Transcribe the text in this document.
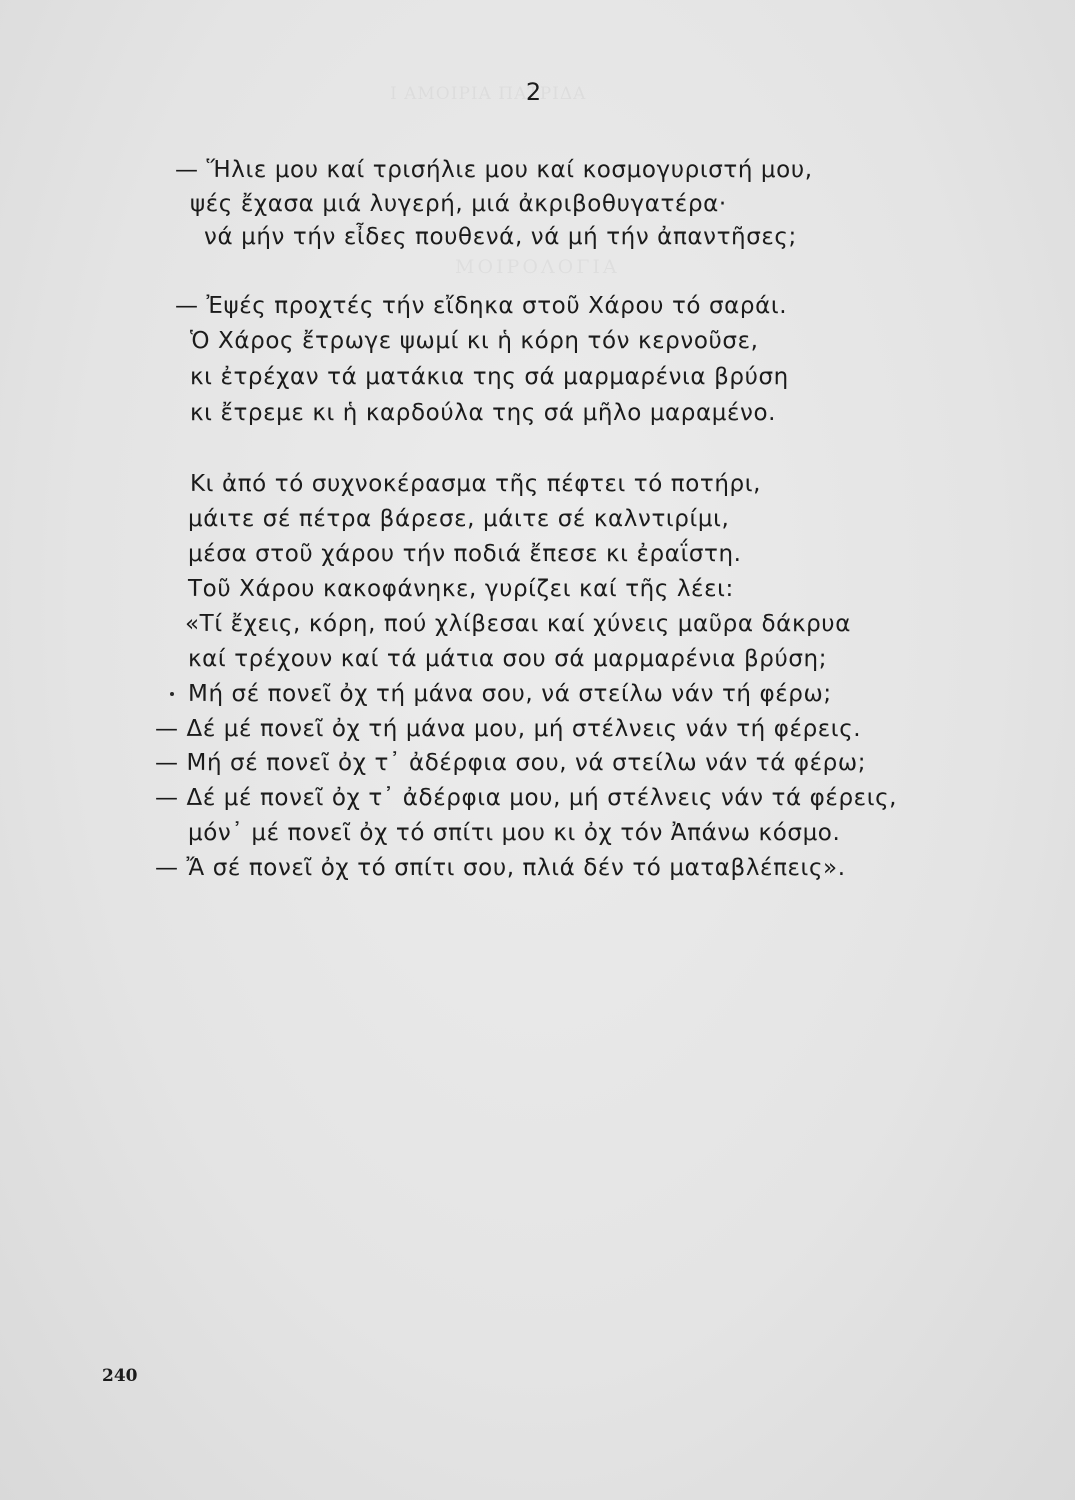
2
— Ἥλιε μου καί τρισήλιε μου καί κοσμογυριστή μου,
ψές ἔχασα μιά λυγερή, μιά ἀκριβοθυγατέρα·
νά μήν τήν εἶδες πουθενά, νά μή τήν ἀπαντῆσες;
— Ἐψές προχτές τήν εἴδηκα στοῦ Χάρου τό σαράι.
Ὁ Χάρος ἔτρωγε ψωμί κι ἡ κόρη τόν κερνοῦσε,
κι ἐτρέχαν τά ματάκια της σά μαρμαρένια βρύση
κι ἔτρεμε κι ἡ καρδούλα της σά μῆλο μαραμένο.
Κι ἀπό τό συχνοκέρασμα τῆς πέφτει τό ποτήρι,
μάιτε σέ πέτρα βάρεσε, μάιτε σέ καλντιρίμι,
μέσα στοῦ χάρου τήν ποδιά ἔπεσε κι ἐραΐστη.
Τοῦ Χάρου κακοφάνηκε, γυρίζει καί τῆς λέει:
«Τί ἔχεις, κόρη, πού χλίβεσαι καί χύνεις μαῦρα δάκρυα
καί τρέχουν καί τά μάτια σου σά μαρμαρένια βρύση;
Μή σέ πονεῖ ὀχ τή μάνα σου, νά στείλω νάν τή φέρω;
— Δέ μέ πονεῖ ὀχ τή μάνα μου, μή στέλνεις νάν τή φέρεις.
— Μή σέ πονεῖ ὀχ τ᾽ ἀδέρφια σου, νά στείλω νάν τά φέρω;
— Δέ μέ πονεῖ ὀχ τ᾽ ἀδέρφια μου, μή στέλνεις νάν τά φέρεις,
μόν᾽ μέ πονεῖ ὀχ τό σπίτι μου κι ὀχ τόν Ἀπάνω κόσμο.
— Ἄ σέ πονεῖ ὀχ τό σπίτι σου, πλιά δέν τό ματαβλέπεις».
240
